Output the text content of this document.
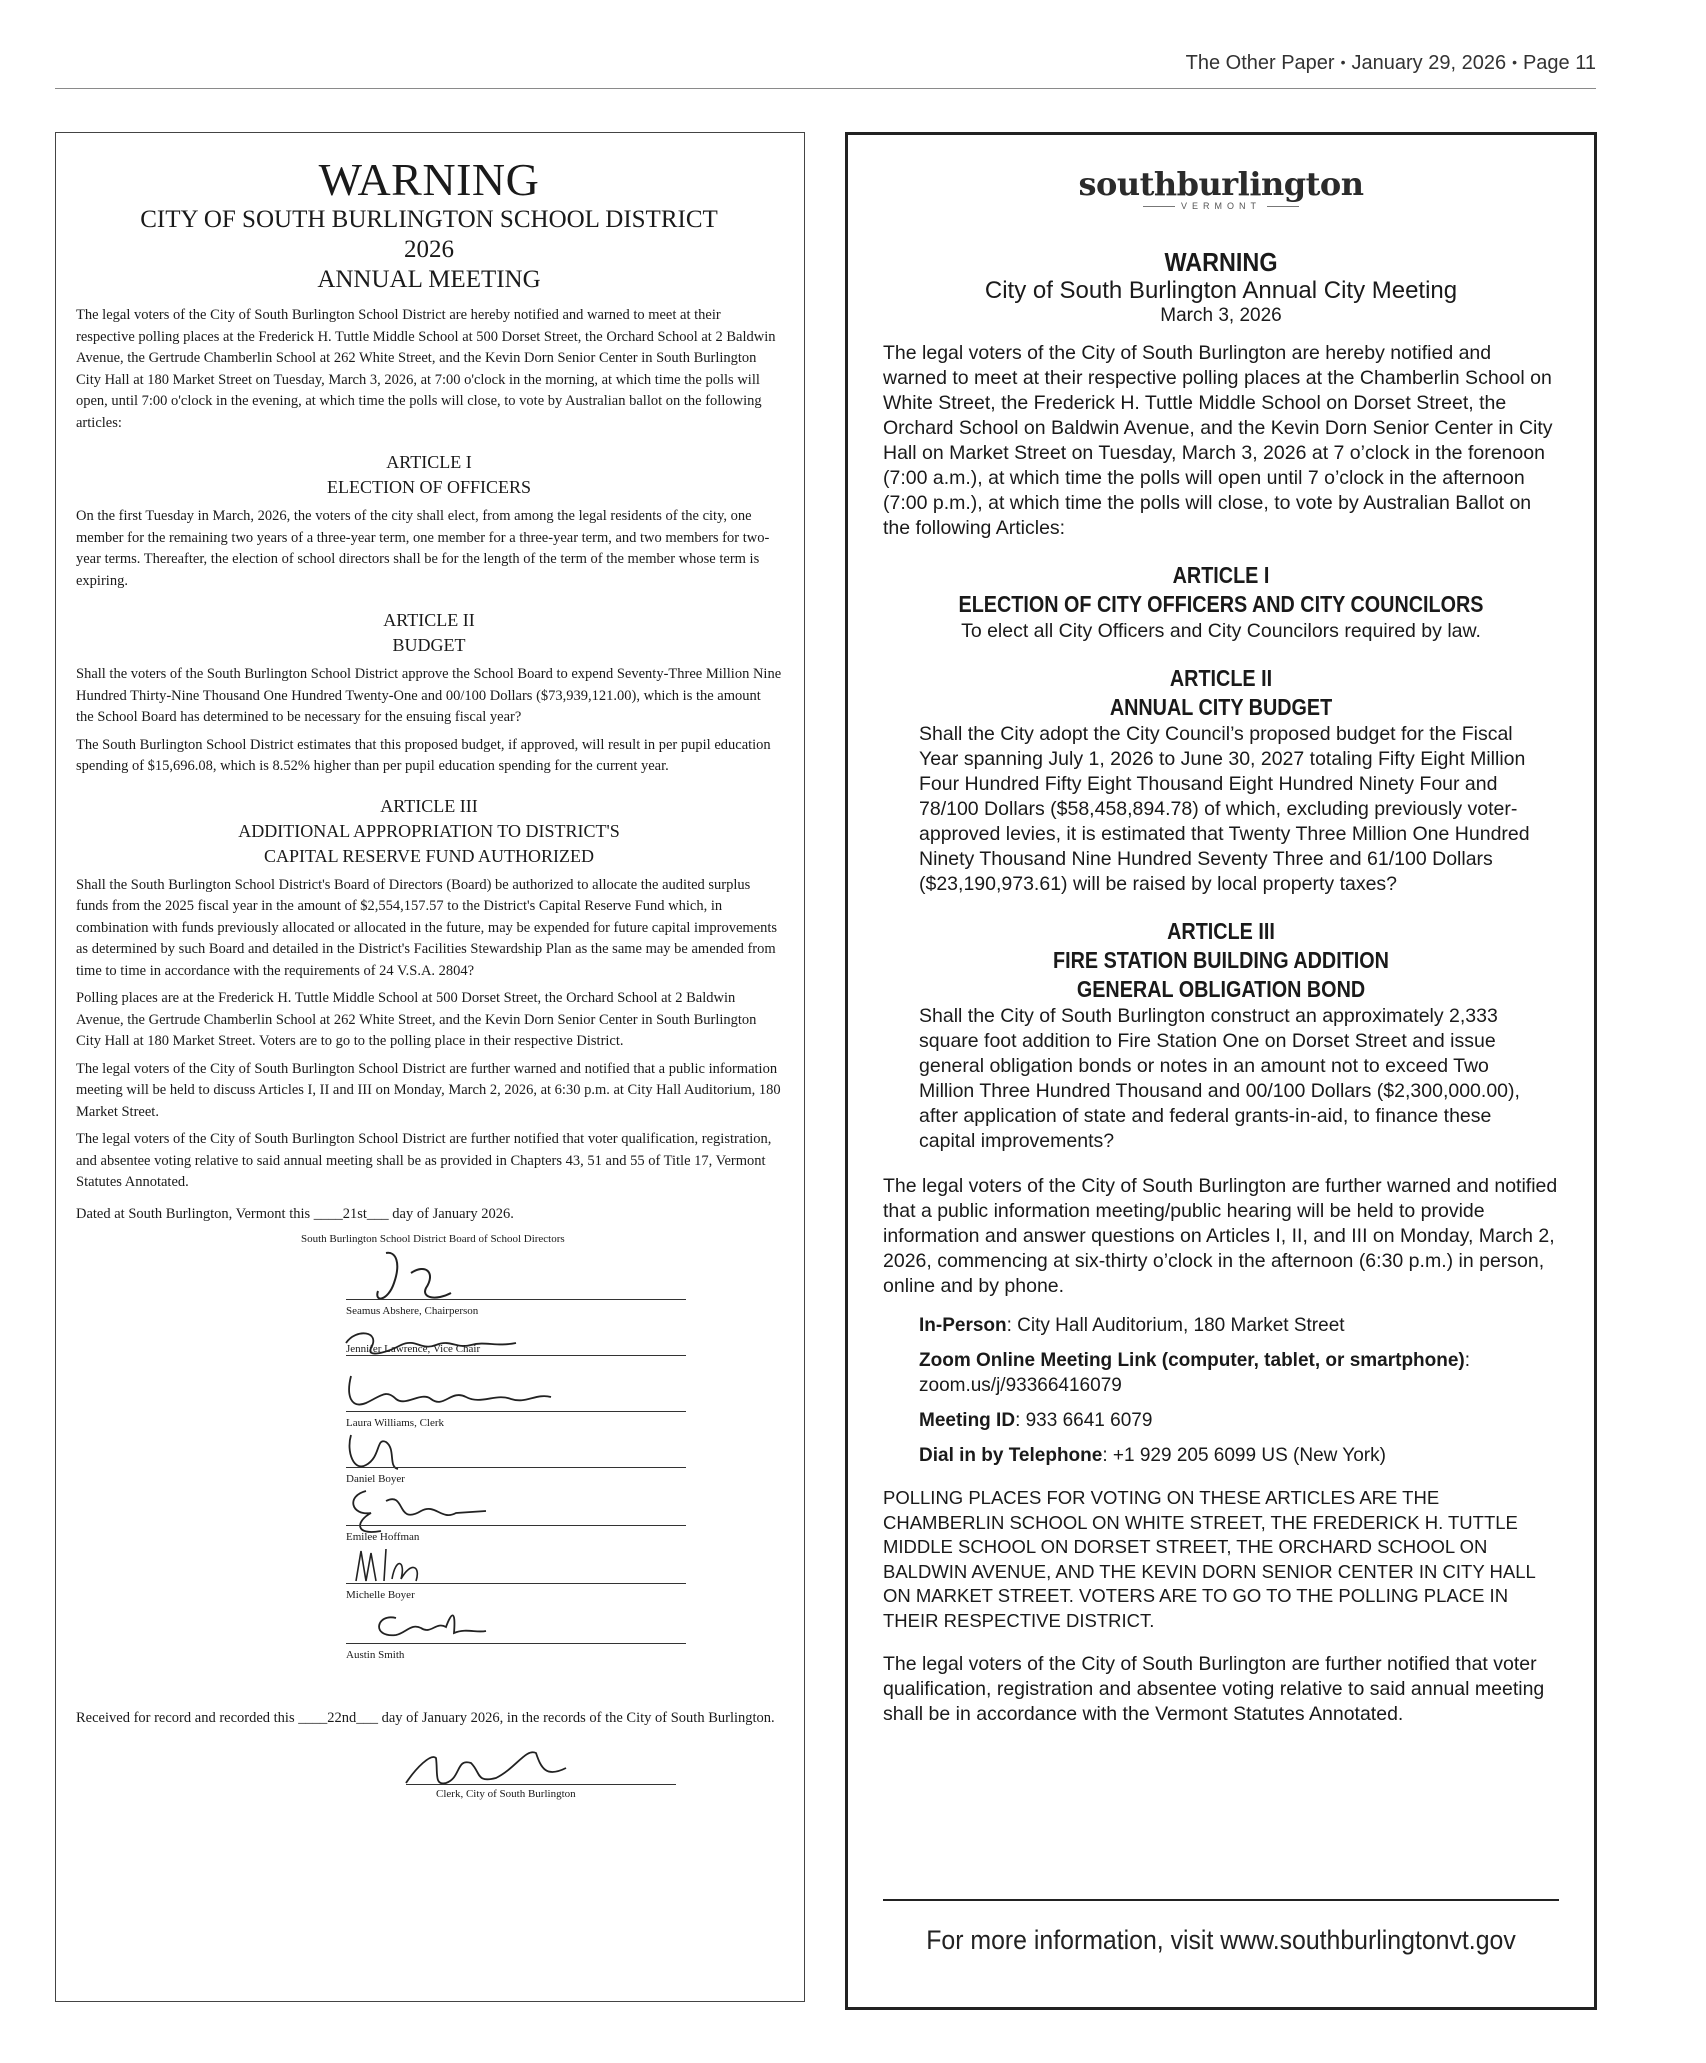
The Other Paper • January 29, 2026 • Page 11
WARNING
CITY OF SOUTH BURLINGTON SCHOOL DISTRICT
2026
ANNUAL MEETING

The legal voters of the City of South Burlington School District are hereby notified and warned to meet at their respective polling places at the Frederick H. Tuttle Middle School at 500 Dorset Street, the Orchard School at 2 Baldwin Avenue, the Gertrude Chamberlin School at 262 White Street, and the Kevin Dorn Senior Center in South Burlington City Hall at 180 Market Street on Tuesday, March 3, 2026, at 7:00 o'clock in the morning, at which time the polls will open, until 7:00 o'clock in the evening, at which time the polls will close, to vote by Australian ballot on the following articles:

ARTICLE I
ELECTION OF OFFICERS

On the first Tuesday in March, 2026, the voters of the city shall elect, from among the legal residents of the city, one member for the remaining two years of a three-year term, one member for a three-year term, and two members for two-year terms. Thereafter, the election of school directors shall be for the length of the term of the member whose term is expiring.

ARTICLE II
BUDGET

Shall the voters of the South Burlington School District approve the School Board to expend Seventy-Three Million Nine Hundred Thirty-Nine Thousand One Hundred Twenty-One and 00/100 Dollars ($73,939,121.00), which is the amount the School Board has determined to be necessary for the ensuing fiscal year?

The South Burlington School District estimates that this proposed budget, if approved, will result in per pupil education spending of $15,696.08, which is 8.52% higher than per pupil education spending for the current year.

ARTICLE III
ADDITIONAL APPROPRIATION TO DISTRICT'S
CAPITAL RESERVE FUND AUTHORIZED

Shall the South Burlington School District's Board of Directors (Board) be authorized to allocate the audited surplus funds from the 2025 fiscal year in the amount of $2,554,157.57 to the District's Capital Reserve Fund which, in combination with funds previously allocated or allocated in the future, may be expended for future capital improvements as determined by such Board and detailed in the District's Facilities Stewardship Plan as the same may be amended from time to time in accordance with the requirements of 24 V.S.A. 2804?

Polling places are at the Frederick H. Tuttle Middle School at 500 Dorset Street, the Orchard School at 2 Baldwin Avenue, the Gertrude Chamberlin School at 262 White Street, and the Kevin Dorn Senior Center in South Burlington City Hall at 180 Market Street. Voters are to go to the polling place in their respective District.

The legal voters of the City of South Burlington School District are further warned and notified that a public information meeting will be held to discuss Articles I, II and III on Monday, March 2, 2026, at 6:30 p.m. at City Hall Auditorium, 180 Market Street.

The legal voters of the City of South Burlington School District are further notified that voter qualification, registration, and absentee voting relative to said annual meeting shall be as provided in Chapters 43, 51 and 55 of Title 17, Vermont Statutes Annotated.

Dated at South Burlington, Vermont this ____21st___ day of January 2026.

South Burlington School District Board of School Directors
Seamus Abshere, Chairperson
Jennifer Lawrence, Vice Chair
Laura Williams, Clerk
Daniel Boyer
Emilee Hoffman
Michelle Boyer
Austin Smith

Received for record and recorded this ____22nd___ day of January 2026, in the records of the City of South Burlington.

Clerk, City of South Burlington
southburlington
VERMONT
WARNING
City of South Burlington Annual City Meeting
March 3, 2026

The legal voters of the City of South Burlington are hereby notified and warned to meet at their respective polling places at the Chamberlin School on White Street, the Frederick H. Tuttle Middle School on Dorset Street, the Orchard School on Baldwin Avenue, and the Kevin Dorn Senior Center in City Hall on Market Street on Tuesday, March 3, 2026 at 7 o’clock in the forenoon (7:00 a.m.), at which time the polls will open until 7 o’clock in the afternoon (7:00 p.m.), at which time the polls will close, to vote by Australian Ballot on the following Articles:

ARTICLE I
ELECTION OF CITY OFFICERS AND CITY COUNCILORS
To elect all City Officers and City Councilors required by law.
ARTICLE II
ANNUAL CITY BUDGET
Shall the City adopt the City Council’s proposed budget for the Fiscal Year spanning July 1, 2026 to June 30, 2027 totaling Fifty Eight Million Four Hundred Fifty Eight Thousand Eight Hundred Ninety Four and 78/100 Dollars ($58,458,894.78) of which, excluding previously voter-approved levies, it is estimated that Twenty Three Million One Hundred Ninety Thousand Nine Hundred Seventy Three and 61/100 Dollars ($23,190,973.61) will be raised by local property taxes?
ARTICLE III
FIRE STATION BUILDING ADDITION
GENERAL OBLIGATION BOND
Shall the City of South Burlington construct an approximately 2,333 square foot addition to Fire Station One on Dorset Street and issue general obligation bonds or notes in an amount not to exceed Two Million Three Hundred Thousand and 00/100 Dollars ($2,300,000.00), after application of state and federal grants-in-aid, to finance these capital improvements?

The legal voters of the City of South Burlington are further warned and notified that a public information meeting/public hearing will be held to provide information and answer questions on Articles I, II, and III on Monday, March 2, 2026, commencing at six-thirty o’clock in the afternoon (6:30 p.m.) in person, online and by phone.

In-Person: City Hall Auditorium, 180 Market Street
Zoom Online Meeting Link (computer, tablet, or smartphone): zoom.us/j/93366416079
Meeting ID: 933 6641 6079
Dial in by Telephone: +1 929 205 6099 US (New York)

POLLING PLACES FOR VOTING ON THESE ARTICLES ARE THE CHAMBERLIN SCHOOL ON WHITE STREET, THE FREDERICK H. TUTTLE MIDDLE SCHOOL ON DORSET STREET, THE ORCHARD SCHOOL ON BALDWIN AVENUE, AND THE KEVIN DORN SENIOR CENTER IN CITY HALL ON MARKET STREET. VOTERS ARE TO GO TO THE POLLING PLACE IN THEIR RESPECTIVE DISTRICT.

The legal voters of the City of South Burlington are further notified that voter qualification, registration and absentee voting relative to said annual meeting shall be in accordance with the Vermont Statutes Annotated.

For more information, visit www.southburlingtonvt.gov
